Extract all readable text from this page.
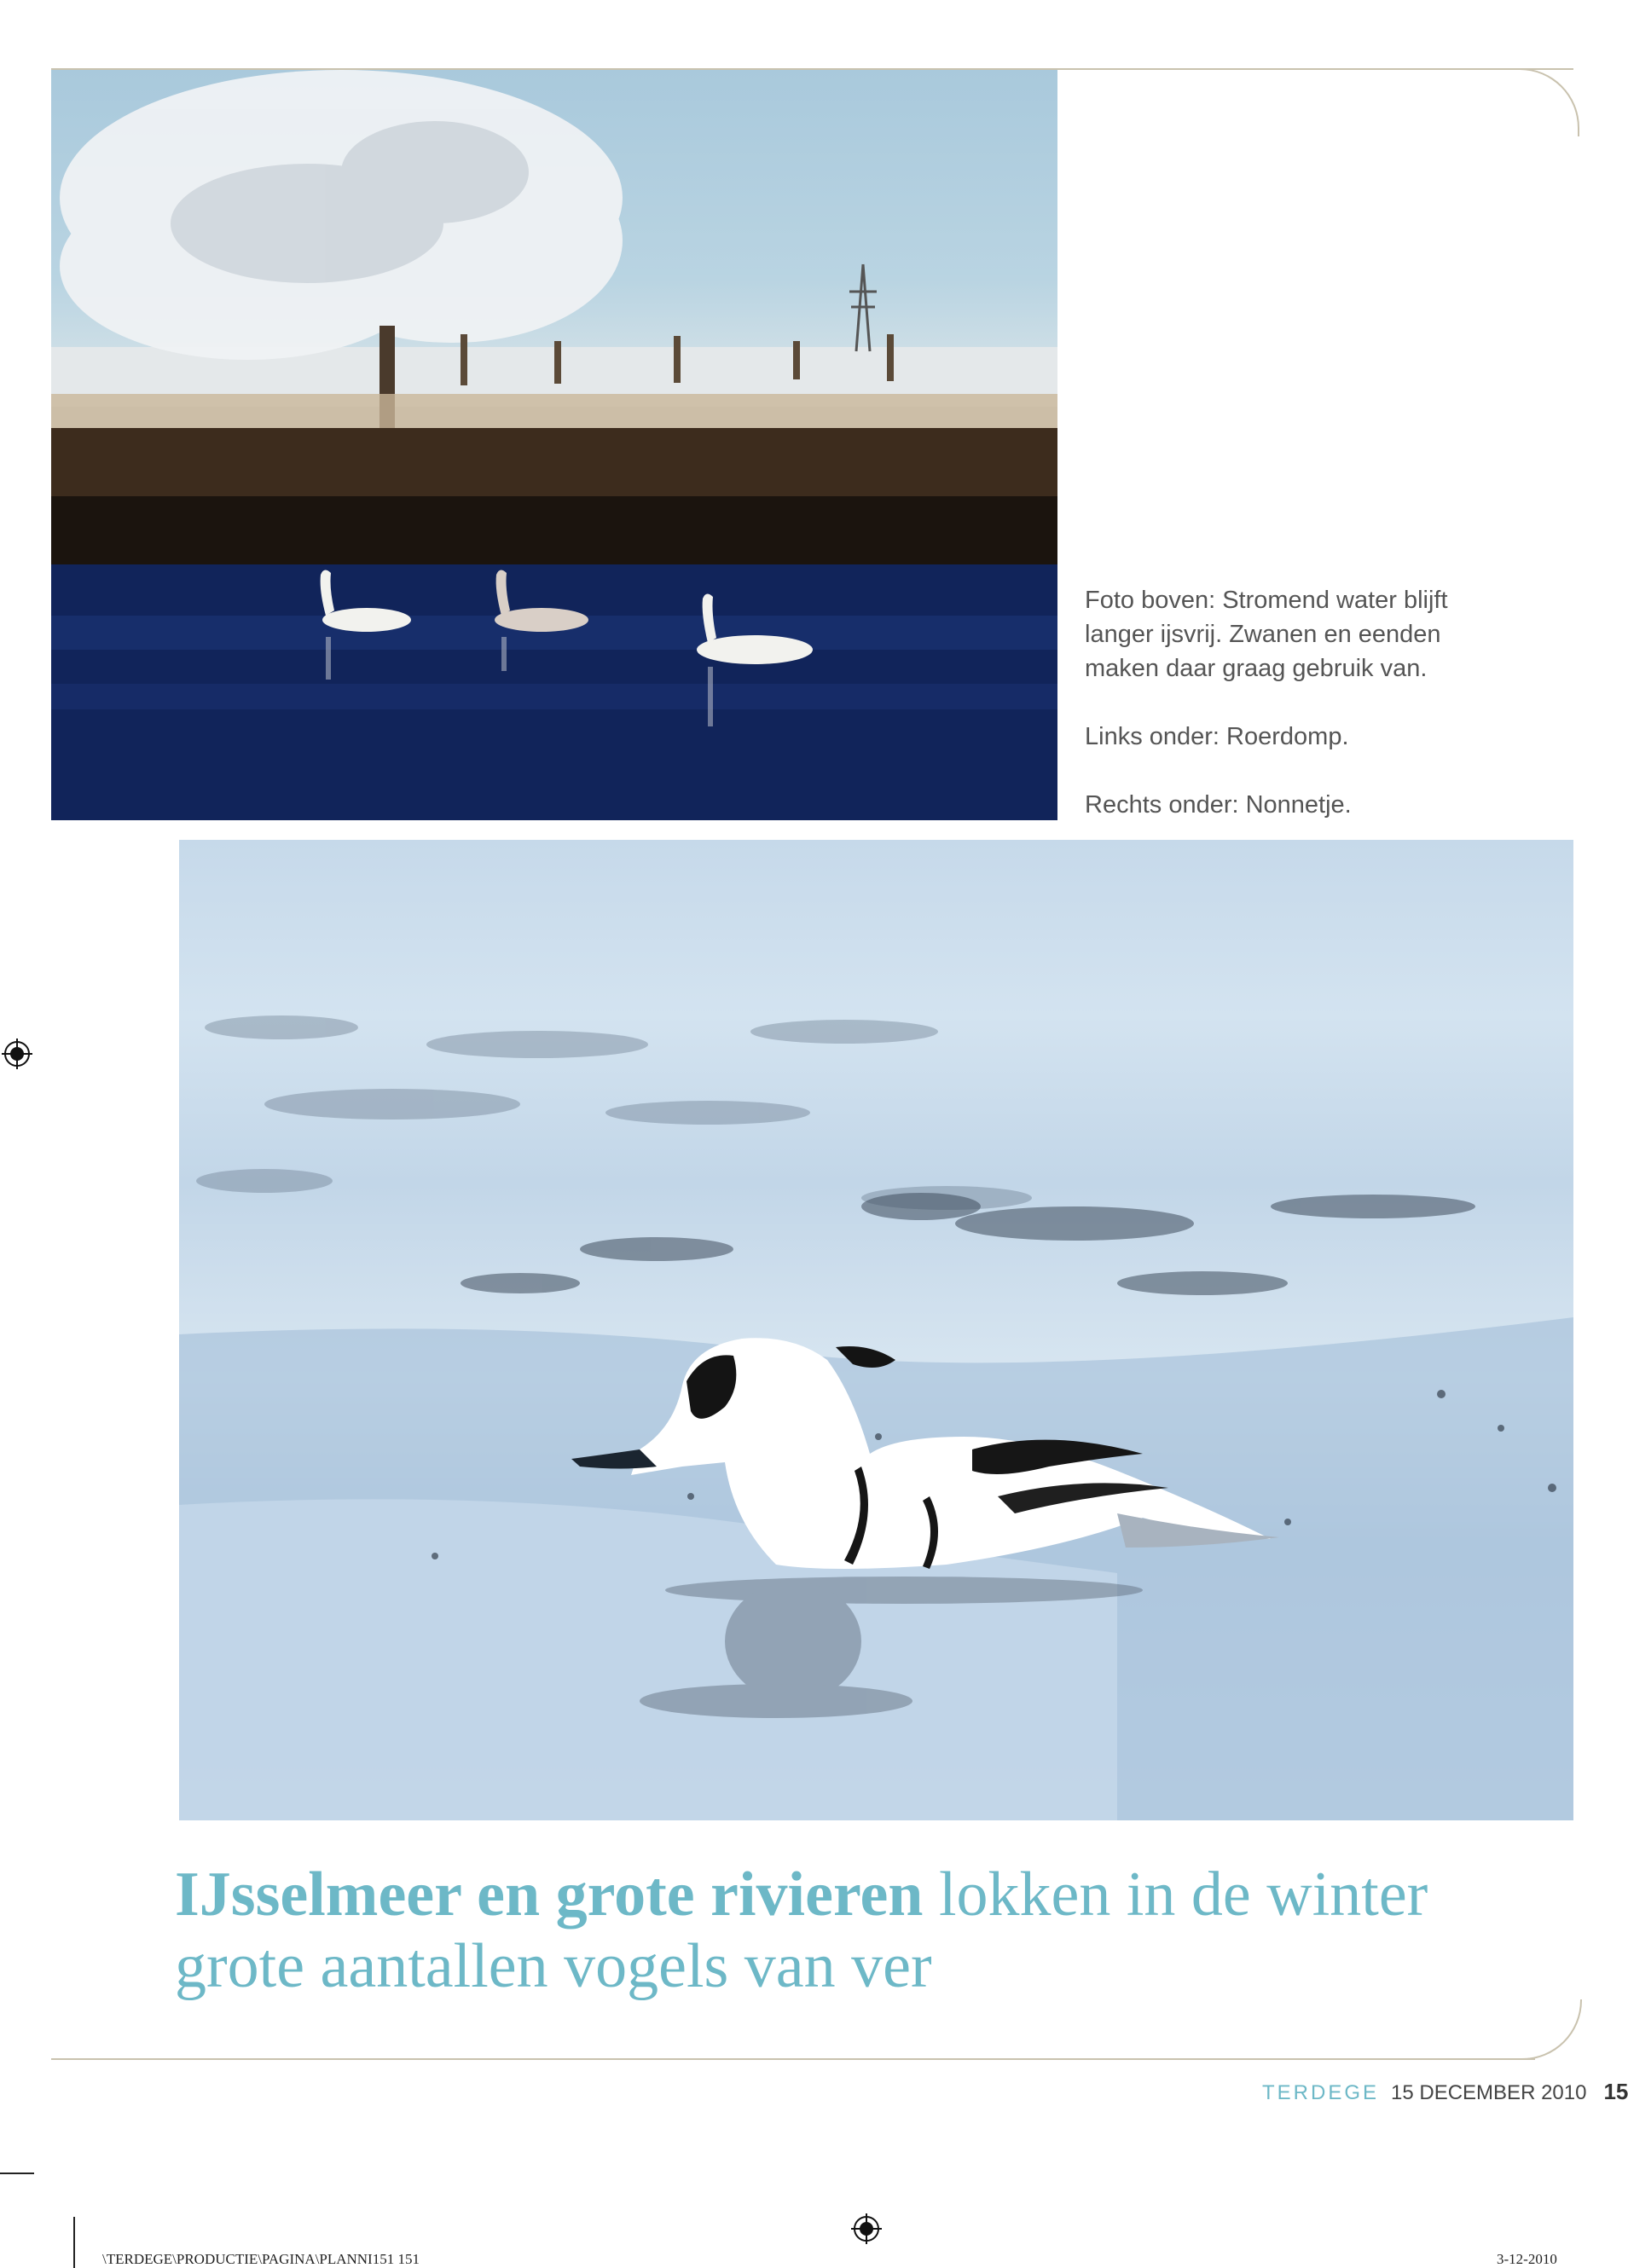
Foto boven: Stromend water blijft langer ijsvrij. Zwanen en eenden maken daar graag gebruik van.

Links onder: Roerdomp.

Rechts onder: Nonnetje.

IJsselmeer en grote rivieren lokken in de winter grote aantallen vogels van ver
TERDEGE 15 DECEMBER 2010 15
\TERDEGE\PRODUCTIE\PAGINA\PLANNI151 151	3-12-2010
